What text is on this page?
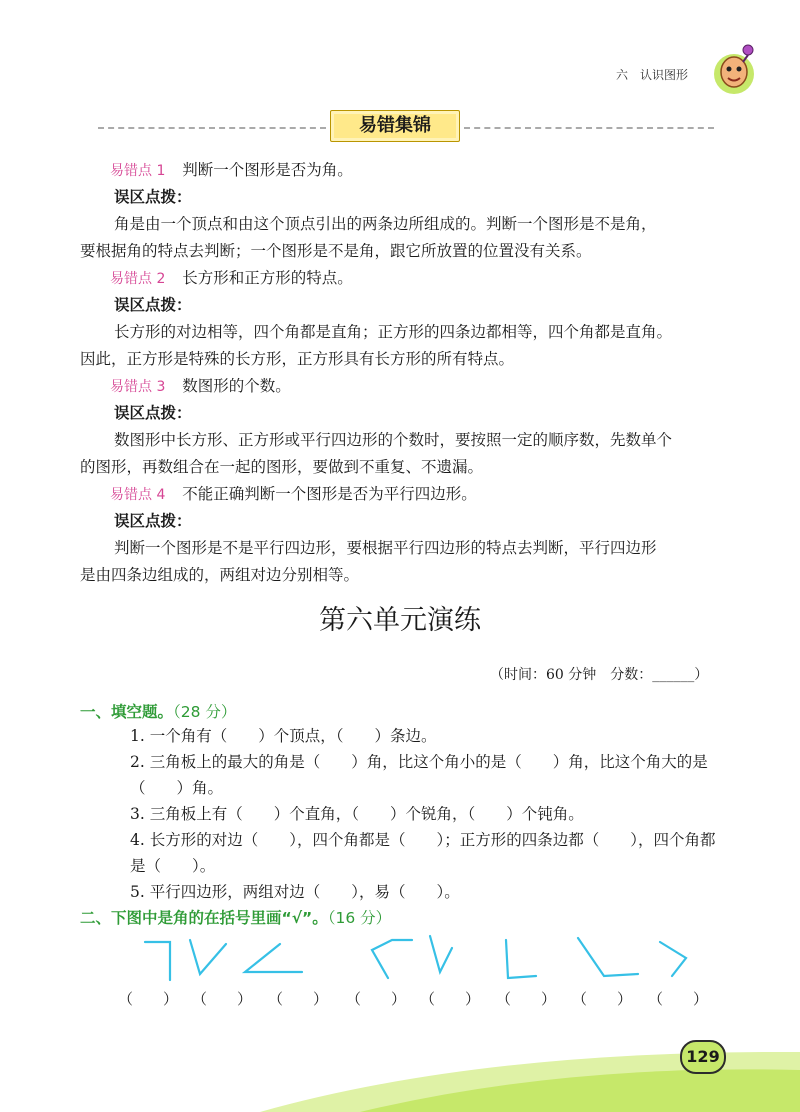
六　认识图形
易错集锦
易错点 1 判断一个图形是否为角。
误区点拨：
角是由一个顶点和由这个顶点引出的两条边所组成的。判断一个图形是不是角，
要根据角的特点去判断；一个图形是不是角，跟它所放置的位置没有关系。
易错点 2 长方形和正方形的特点。
误区点拨：
长方形的对边相等，四个角都是直角；正方形的四条边都相等，四个角都是直角。
因此，正方形是特殊的长方形，正方形具有长方形的所有特点。
易错点 3 数图形的个数。
误区点拨：
数图形中长方形、正方形或平行四边形的个数时，要按照一定的顺序数，先数单个
的图形，再数组合在一起的图形，要做到不重复、不遗漏。
易错点 4 不能正确判断一个图形是否为平行四边形。
误区点拨：
判断一个图形是不是平行四边形，要根据平行四边形的特点去判断，平行四边形
是由四条边组成的，两组对边分别相等。
第六单元演练
（时间：60 分钟　分数：______）
一、填空题。（28 分）
1. 一个角有（　　）个顶点，（　　）条边。
2. 三角板上的最大的角是（　　）角，比这个角小的是（　　）角，比这个角大的是
（　　）角。
3. 三角板上有（　　）个直角，（　　）个锐角，（　　）个钝角。
4. 长方形的对边（　　），四个角都是（　　）；正方形的四条边都（　　），四个角都
是（　　）。
5. 平行四边形，两组对边（　　），易（　　）。
二、下图中是角的在括号里画“√”。（16 分）
（　　） （　　） （　　） （　　） （　　） （　　） （　　） （　　）
129
